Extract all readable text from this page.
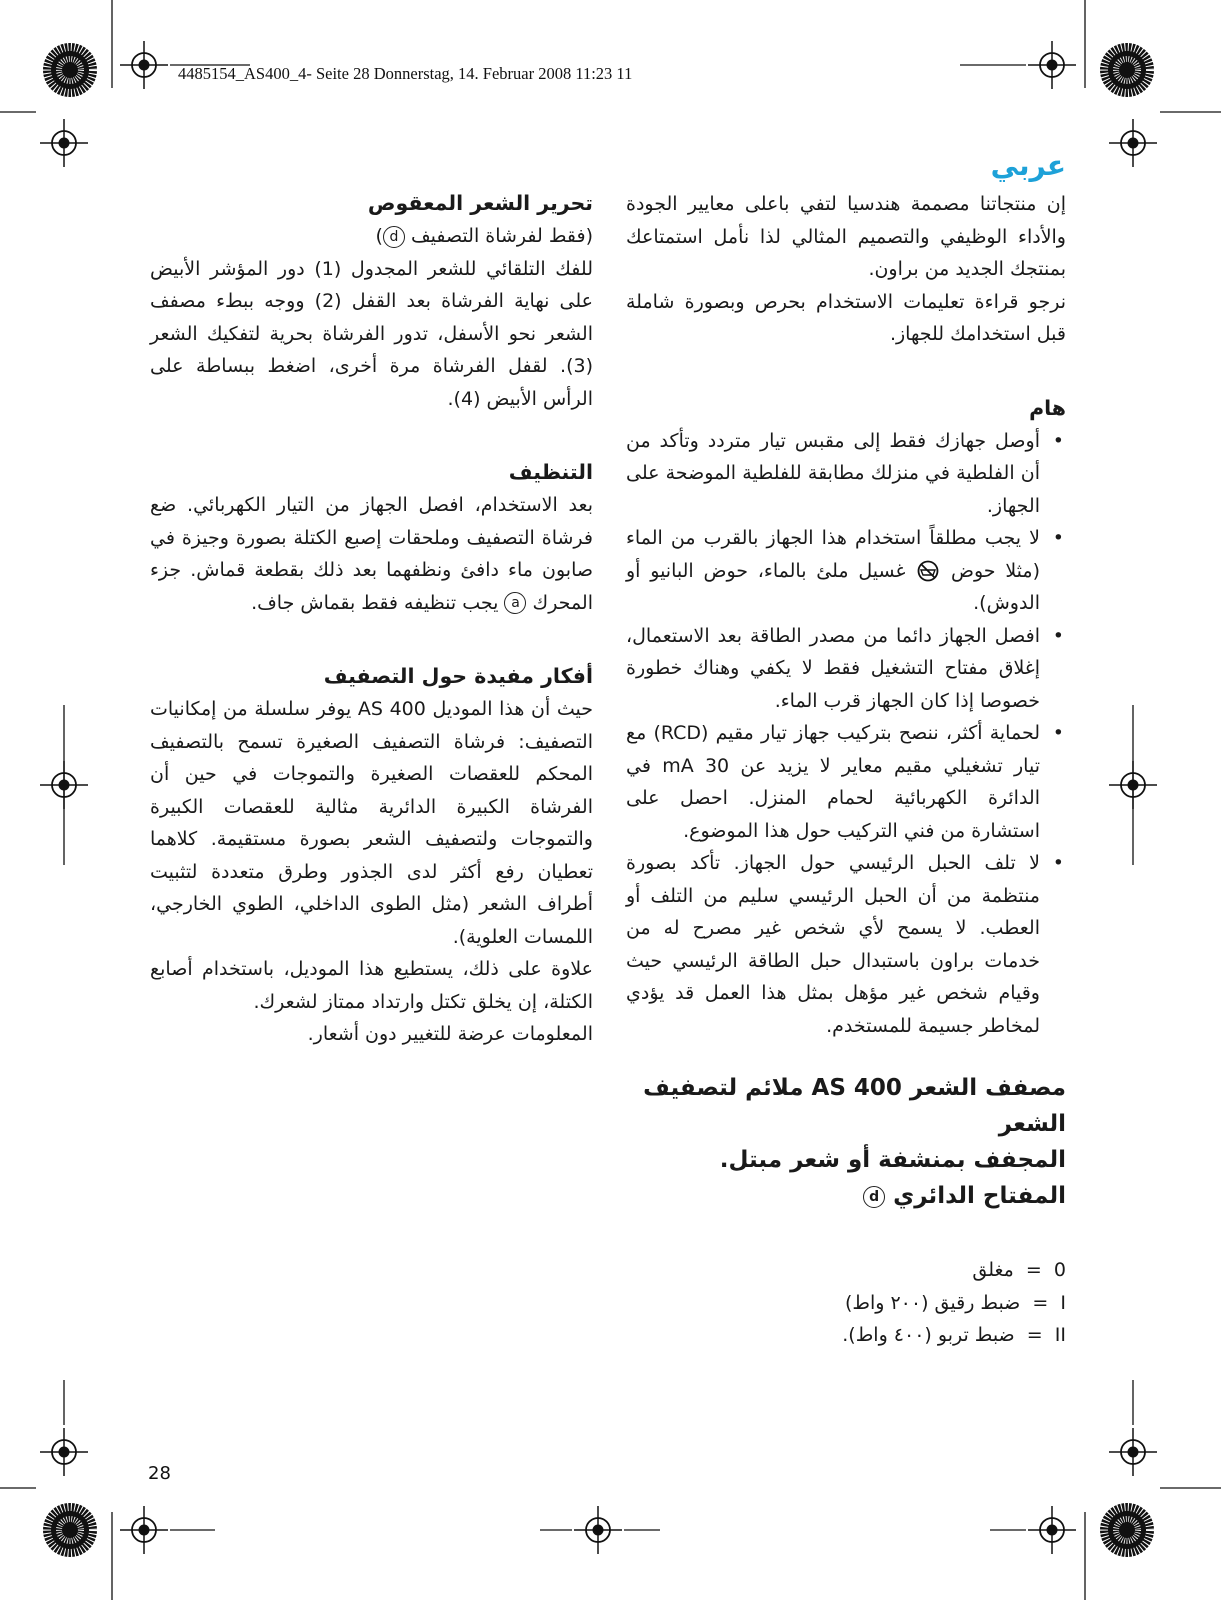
4485154_AS400_4- Seite 28 Donnerstag, 14. Februar 2008 11:23 11
عربي

إن منتجاتنا مصممة هندسيا لتفي باعلى معايير الجودة والأداء الوظيفي والتصميم المثالي لذا نأمل استمتاعك بمنتجك الجديد من براون.

نرجو قراءة تعليمات الاستخدام بحرص وبصورة شاملة قبل استخدامك للجهاز.

هام
•
أوصل جهازك فقط إلى مقبس تيار متردد وتأكد من أن الفلطية في منزلك مطابقة للفلطية الموضحة على الجهاز.
•
لا يجب مطلقاً استخدام هذا الجهاز بالقرب من الماء (مثلا حوض  غسيل ملئ بالماء، حوض البانيو أو الدوش).
•
افصل الجهاز دائما من مصدر الطاقة بعد الاستعمال، إغلاق مفتاح التشغيل فقط لا يكفي وهناك خطورة خصوصا إذا كان الجهاز قرب الماء.
•
لحماية أكثر، ننصح بتركيب جهاز تيار مقيم (RCD) مع تيار تشغيلي مقيم معاير لا يزيد عن 30 mA في الدائرة الكهربائية لحمام المنزل. احصل على استشارة من فني التركيب حول هذا الموضوع.
•
لا تلف الحبل الرئيسي حول الجهاز. تأكد بصورة منتظمة من أن الحبل الرئيسي سليم من التلف أو العطب. لا يسمح لأي شخص غير مصرح له من خدمات براون باستبدال حبل الطاقة الرئيسي حيث وقيام شخص غير مؤهل بمثل هذا العمل قد يؤدي لمخاطر جسيمة للمستخدم.
مصفف الشعر AS 400 ملائم لتصفيف الشعر
المجفف بمنشفة أو شعر مبتل.
المفتاح الدائري d
0  =  مغلق
I  =  ضبط رقيق (٢٠٠ واط)
II  =  ضبط تربو (٤٠٠ واط).
تحرير الشعر المعقوص

(فقط لفرشاة التصفيف d)

للفك التلقائي للشعر المجدول (1) دور المؤشر الأبيض على نهاية الفرشاة بعد القفل (2) ووجه ببطء مصفف الشعر نحو الأسفل، تدور الفرشاة بحرية لتفكيك الشعر (3). لقفل الفرشاة مرة أخرى، اضغط ببساطة على الرأس الأبيض (4).

التنظيف

بعد الاستخدام، افصل الجهاز من التيار الكهربائي. ضع فرشاة التصفيف وملحقات إصبع الكتلة بصورة وجيزة في صابون ماء دافئ ونظفهما بعد ذلك بقطعة قماش. جزء المحرك a يجب تنظيفه فقط بقماش جاف.

أفكار مفيدة حول التصفيف

حيث أن هذا الموديل AS 400 يوفر سلسلة من إمكانيات التصفيف: فرشاة التصفيف الصغيرة تسمح بالتصفيف المحكم للعقصات الصغيرة والتموجات في حين أن الفرشاة الكبيرة الدائرية مثالية للعقصات الكبيرة والتموجات ولتصفيف الشعر بصورة مستقيمة. كلاهما تعطيان رفع أكثر لدى الجذور وطرق متعددة لتثبيت أطراف الشعر (مثل الطوى الداخلي، الطوي الخارجي، اللمسات العلوية).

علاوة على ذلك، يستطيع هذا الموديل، باستخدام أصابع الكتلة، إن يخلق تكتل وارتداد ممتاز لشعرك.

المعلومات عرضة للتغيير دون أشعار.

28
